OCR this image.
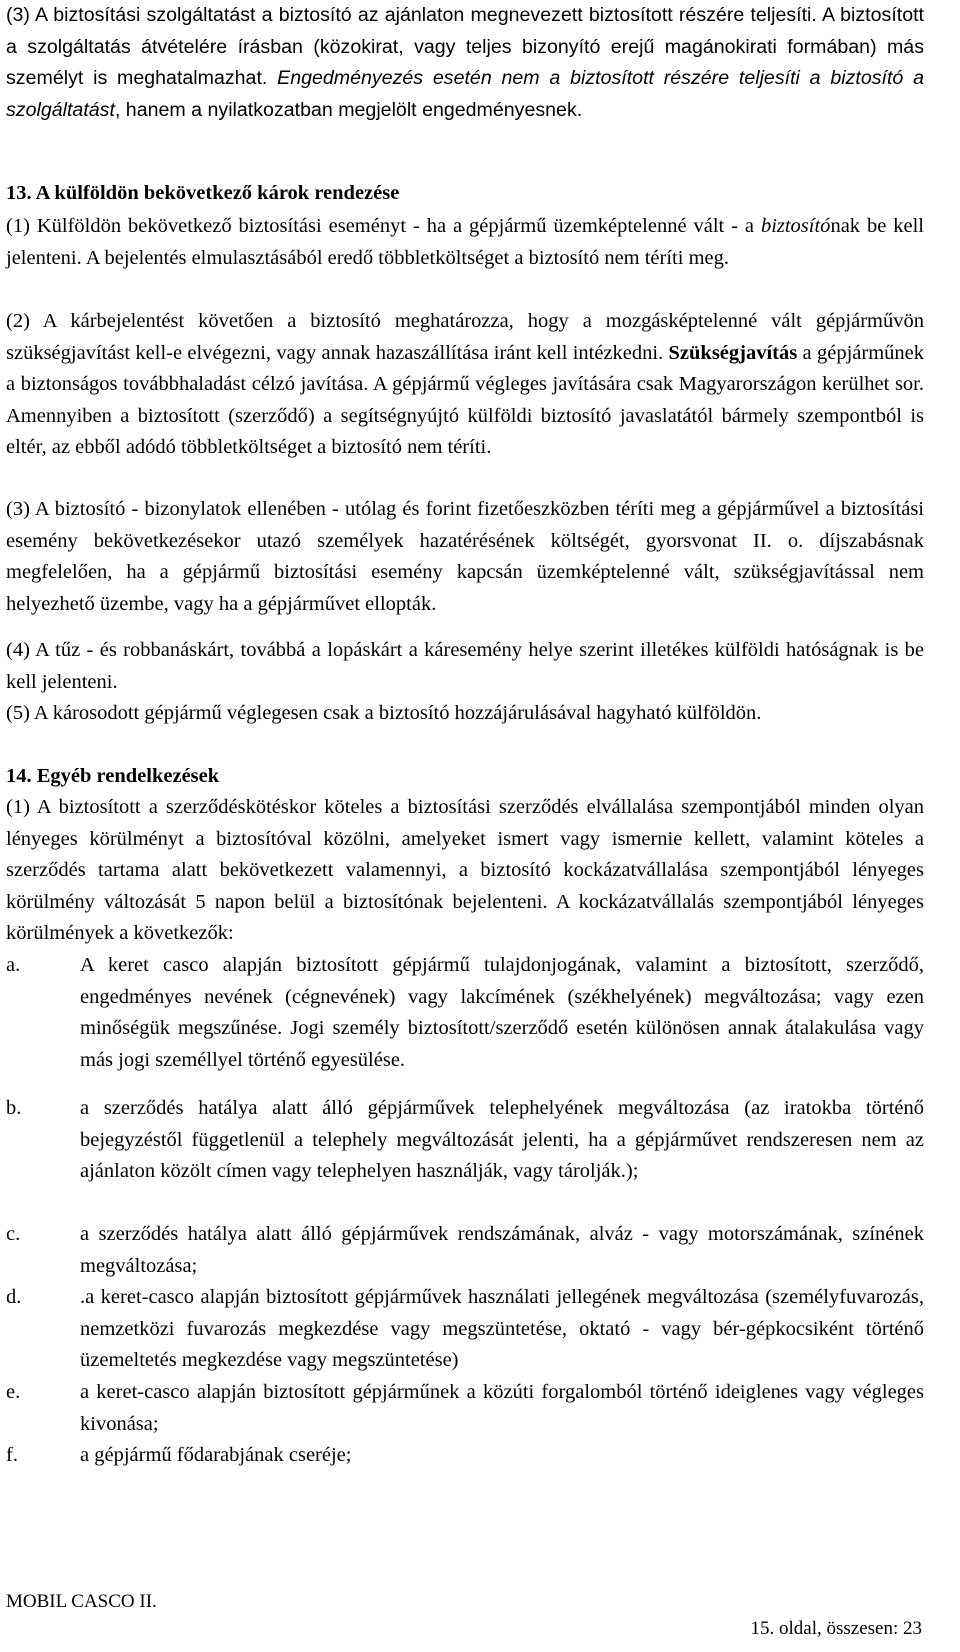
(3) A biztosítási szolgáltatást a biztosító az ajánlaton megnevezett biztosított részére teljesíti. A biztosított a szolgáltatás átvételére írásban (közokirat, vagy teljes bizonyító erejű magánokirati formában) más személyt is meghatalmazhat. Engedményezés esetén nem a biztosított részére teljesíti a biztosító a szolgáltatást, hanem a nyilatkozatban megjelölt engedményesnek.
13. A külföldön bekövetkező károk rendezése
(1) Külföldön bekövetkező biztosítási eseményt - ha a gépjármű üzemképtelenné vált - a biztosítónak be kell jelenteni. A bejelentés elmulasztásából eredő többletköltséget a biztosító nem téríti meg.
(2) A kárbejelentést követően a biztosító meghatározza, hogy a mozgásképtelenné vált gépjárművön szükségjavítást kell-e elvégezni, vagy annak hazaszállítása iránt kell intézkedni. Szükségjavítás a gépjárműnek a biztonságos továbbhaladást célzó javítása. A gépjármű végleges javítására csak Magyarországon kerülhet sor. Amennyiben a biztosított (szerződő) a segítségnyújtó külföldi biztosító javaslatától bármely szempontból is eltér, az ebből adódó többletköltséget a biztosító nem téríti.
(3) A biztosító - bizonylatok ellenében - utólag és forint fizetőeszközben téríti meg a gépjárművel a biztosítási esemény bekövetkezésekor utazó személyek hazatérésének költségét, gyorsvonat II. o. díjszabásnak megfelelően, ha a gépjármű biztosítási esemény kapcsán üzemképtelenné vált, szükségjavítással nem helyezhető üzembe, vagy ha a gépjárművet ellopták.
(4) A tűz - és robbanáskárt, továbbá a lopáskárt a káresemény helye szerint illetékes külföldi hatóságnak is be kell jelenteni.
(5) A károsodott gépjármű véglegesen csak a biztosító hozzájárulásával hagyható külföldön.
14. Egyéb rendelkezések
(1) A biztosított a szerződéskötéskor köteles a biztosítási szerződés elvállalása szempontjából minden olyan lényeges körülményt a biztosítóval közölni, amelyeket ismert vagy ismernie kellett, valamint köteles a szerződés tartama alatt bekövetkezett valamennyi, a biztosító kockázatvállalása szempontjából lényeges körülmény változását 5 napon belül a biztosítónak bejelenteni. A kockázatvállalás szempontjából lényeges körülmények a következők:
a.	A keret casco alapján biztosított gépjármű tulajdonjogának, valamint a biztosított, szerződő, engedményes nevének (cégnevének) vagy lakcímének (székhelyének) megváltozása; vagy ezen minőségük megszűnése. Jogi személy biztosított/szerződő esetén különösen annak átalakulása vagy más jogi személlyel történő egyesülése.
b.	a szerződés hatálya alatt álló gépjárművek telephelyének megváltozása (az iratokba történő bejegyzéstől függetlenül a telephely megváltozását jelenti, ha a gépjárművet rendszeresen nem az ajánlaton közölt címen vagy telephelyen használják, vagy tárolják.);
c.	a szerződés hatálya alatt álló gépjárművek rendszámának, alváz - vagy motorszámának, színének megváltozása;
d.	.a keret-casco alapján biztosított gépjárművek használati jellegének megváltozása (személyfuvarozás, nemzetközi fuvarozás megkezdése vagy megszüntetése, oktató - vagy bér-gépkocsiként történő üzemeltetés megkezdése vagy megszüntetése)
e.	a keret-casco alapján biztosított gépjárműnek a közúti forgalomból történő ideiglenes vagy végleges kivonása;
f.	a gépjármű fődarabjának cseréje;
MOBIL CASCO II.
15. oldal, összesen: 23
